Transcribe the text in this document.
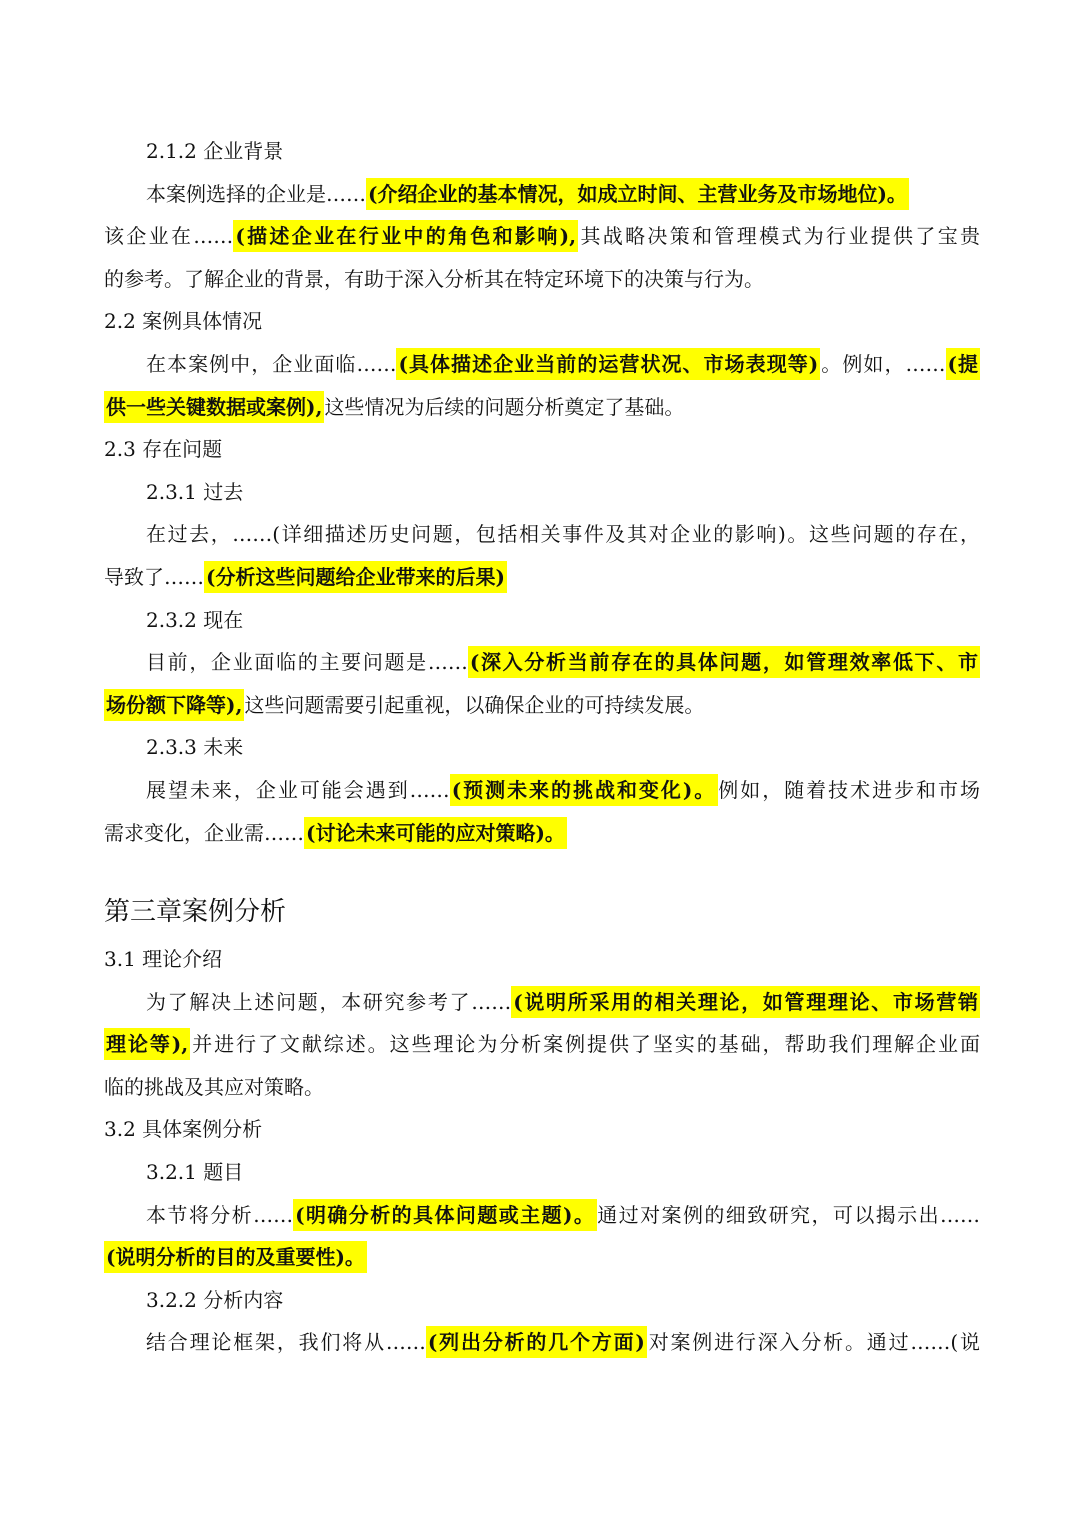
2.1.2 企业背景
本案例选择的企业是…… (介绍企业的基本情况，如成立时间、主营业务及市场地位)。
该企业在…… (描述企业在行业中的角色和影响), 其战略决策和管理模式为行业提供了宝贵
的参考。了解企业的背景，有助于深入分析其在特定环境下的决策与行为。
2.2 案例具体情况
在本案例中，企业面临…… (具体描述企业当前的运营状况、市场表现等) 。例如，…… (提
供一些关键数据或案例), 这些情况为后续的问题分析奠定了基础。
2.3 存在问题
2.3.1 过去
在过去，……(详细描述历史问题，包括相关事件及其对企业的影响)。这些问题的存在，
导致了…… (分析这些问题给企业带来的后果)
2.3.2 现在
目前，企业面临的主要问题是…… (深入分析当前存在的具体问题，如管理效率低下、市
场份额下降等), 这些问题需要引起重视，以确保企业的可持续发展。
2.3.3 未来
展望未来，企业可能会遇到…… (预测未来的挑战和变化)。 例如，随着技术进步和市场
需求变化，企业需…… (讨论未来可能的应对策略)。
第三章案例分析
3.1 理论介绍
为了解决上述问题，本研究参考了…… (说明所采用的相关理论，如管理理论、市场营销
理论等), 并进行了文献综述。这些理论为分析案例提供了坚实的基础，帮助我们理解企业面
临的挑战及其应对策略。
3.2 具体案例分析
3.2.1 题目
本节将分析…… (明确分析的具体问题或主题)。 通过对案例的细致研究，可以揭示出……
(说明分析的目的及重要性)。
3.2.2 分析内容
结合理论框架，我们将从…… (列出分析的几个方面) 对案例进行深入分析。通过……(说
